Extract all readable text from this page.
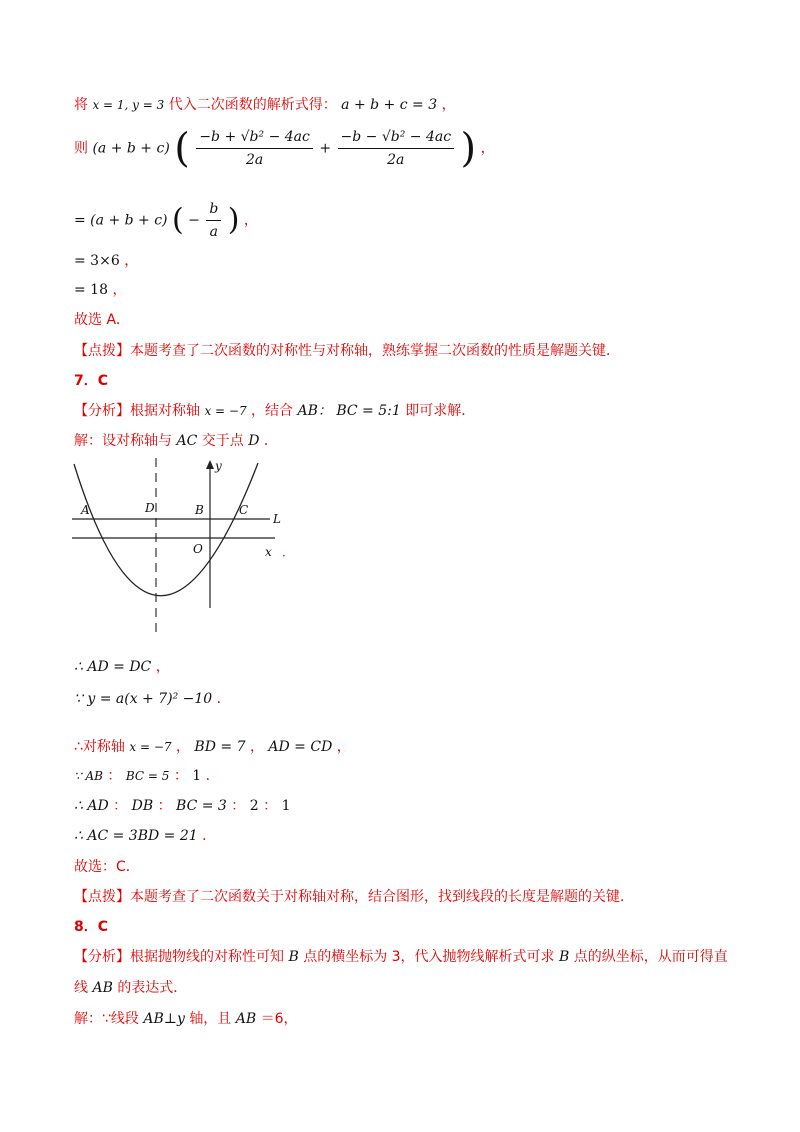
将 x = 1, y = 3 代入二次函数的解析式得： a + b + c = 3 ，
则 (a + b + c) ( $\frac{\text{−b + √b² − 4ac}}{2a} + \frac{\text{−b − √b² − 4ac}}{2a}$ ) ，
= (a + b + c) ( − $\frac{b}{a}$ ) ，
= 3×6 ，
= 18 ，
故选 A．
【点拨】本题考查了二次函数的对称性与对称轴，熟练掌握二次函数的性质是解题关键．
7．C
【分析】根据对称轴 x = −7 ，结合 AB： BC = 5:1 即可求解．
解：设对称轴与 AC 交于点 D ．
y
L
x
A	D	B	C
O	．
∴ AD = DC ，
∵ y = a(x + 7)² −10 ．
∴对称轴 x = −7 ， BD = 7 ， AD = CD ，
∵ AB ： BC = 5 ： 1 ．
∴ AD ： DB ： BC = 3 ： 2 ： 1
∴ AC = 3BD = 21 ．
故选：C．
【点拨】本题考查了二次函数关于对称轴对称，结合图形，找到线段的长度是解题的关键．
8．C
【分析】根据抛物线的对称性可知 B 点的横坐标为 3，代入抛物线解析式可求 B 点的纵坐标，从而可得直
线 AB 的表达式．
解：∵线段 AB⊥y 轴，且 AB ＝6，
